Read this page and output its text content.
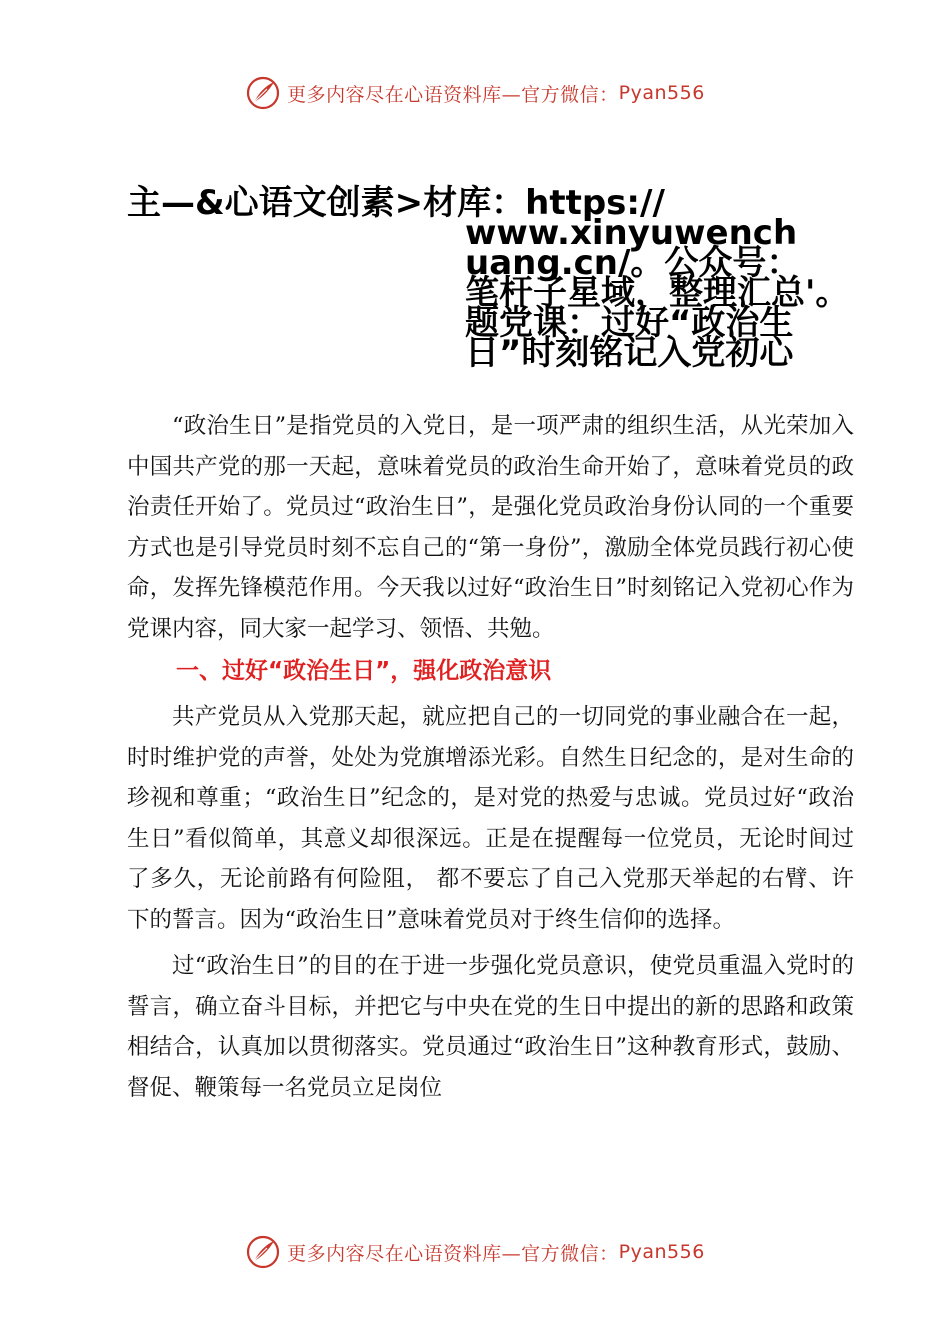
更多内容尽在心语资料库—官方微信： Pyan556
主—&心语文创素>材库：https://
www.xinyuwench
uang.cn/。公众号：
笔杆子星域，整理汇总'。
题党课：过好“政治生
日”时刻铭记入党初心

“政治生日”是指党员的入党日，是一项严肃的组织生活，从光荣加入中国共产党的那一天起，意味着党员的政治生命开始了，意味着党员的政治责任开始了。党员过“政治生日”，是强化党员政治身份认同的一个重要方式也是引导党员时刻不忘自己的“第一身份”，激励全体党员践行初心使命，发挥先锋模范作用。今天我以过好“政治生日”时刻铭记入党初心作为党课内容，同大家一起学习、领悟、共勉。

一、过好“政治生日”，强化政治意识

共产党员从入党那天起，就应把自己的一切同党的事业融合在一起，时时维护党的声誉，处处为党旗增添光彩。自然生日纪念的，是对生命的珍视和尊重；“政治生日”纪念的，是对党的热爱与忠诚。党员过好“政治生日”看似简单，其意义却很深远。正是在提醒每一位党员，无论时间过了多久，无论前路有何险阻， 都不要忘了自己入党那天举起的右臂、许下的誓言。因为“政治生日”意味着党员对于终生信仰的选择。

过“政治生日”的目的在于进一步强化党员意识，使党员重温入党时的誓言，确立奋斗目标，并把它与中央在党的生日中提出的新的思路和政策相结合，认真加以贯彻落实。党员通过“政治生日”这种教育形式，鼓励、督促、鞭策每一名党员立足岗位

更多内容尽在心语资料库—官方微信： Pyan556
